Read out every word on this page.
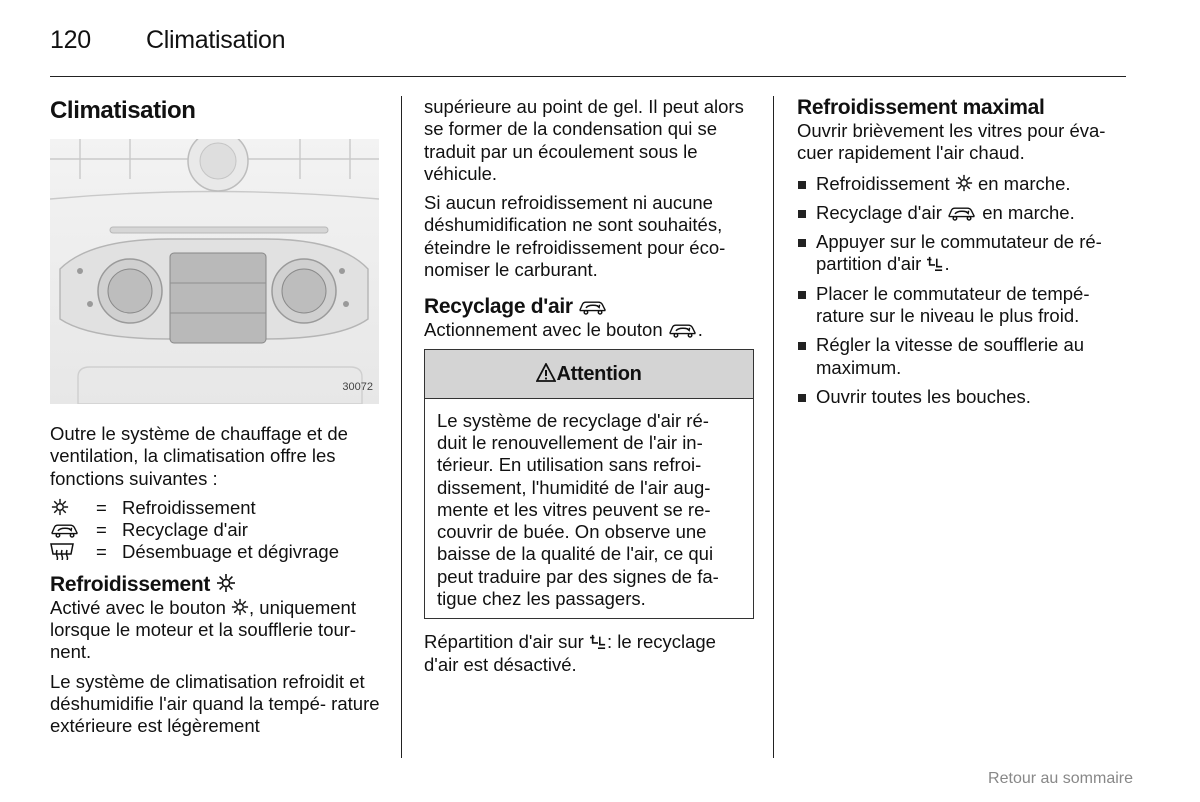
120 Climatisation
Climatisation
30072

Outre le système de chauffage et de ventilation, la climatisation offre les fonctions suivantes :

= Refroidissement
= Recyclage d'air
= Désembuage et dégivrage
Refroidissement

Activé avec le bouton , uniquement lorsque le moteur et la soufflerie tour- nent.

Le système de climatisation refroidit et déshumidifie l'air quand la tempé- rature extérieure est légèrement

supérieure au point de gel. Il peut alors se former de la condensation qui se traduit par un écoulement sous le véhicule.

Si aucun refroidissement ni aucune déshumidification ne sont souhaités, éteindre le refroidissement pour éco- nomiser le carburant.

Recyclage d'air

Actionnement avec le bouton .

Attention
Le système de recyclage d'air ré- duit le renouvellement de l'air in- térieur. En utilisation sans refroi- dissement, l'humidité de l'air aug- mente et les vitres peuvent se re- couvrir de buée. On observe une baisse de la qualité de l'air, ce qui peut traduire par des signes de fa- tigue chez les passagers.

Répartition d'air sur : le recyclage d'air est désactivé.

Refroidissement maximal

Ouvrir brièvement les vitres pour éva- cuer rapidement l'air chaud.

Refroidissement en marche.
Recyclage d'air en marche.
Appuyer sur le commutateur de ré- partition d'air .
Placer le commutateur de tempé- rature sur le niveau le plus froid.
Régler la vitesse de soufflerie au maximum.
Ouvrir toutes les bouches.
Retour au sommaire
